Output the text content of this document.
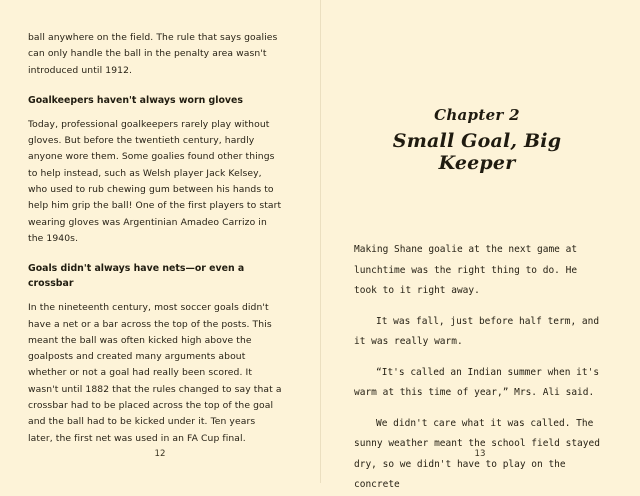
ball anywhere on the field. The rule that says goalies can only handle the ball in the penalty area wasn't introduced until 1912.

Goalkeepers haven't always worn gloves

Today, professional goalkeepers rarely play without gloves. But before the twentieth century, hardly anyone wore them. Some goalies found other things to help instead, such as Welsh player Jack Kelsey, who used to rub chewing gum between his hands to help him grip the ball! One of the first players to start wearing gloves was Argentinian Amadeo Carrizo in the 1940s.

Goals didn't always have nets—or even a crossbar

In the nineteenth century, most soccer goals didn't have a net or a bar across the top of the posts. This meant the ball was often kicked high above the goalposts and created many arguments about whether or not a goal had really been scored. It wasn't until 1882 that the rules changed to say that a crossbar had to be placed across the top of the goal and the ball had to be kicked under it. Ten years later, the first net was used in an FA Cup final.

12

Chapter 2

Small Goal, Big Keeper

Making Shane goalie at the next game at lunchtime was the right thing to do. He took to it right away.

It was fall, just before half term, and it was really warm.

“It's called an Indian summer when it's warm at this time of year,” Mrs. Ali said.

We didn't care what it was called. The sunny weather meant the school field stayed dry, so we didn't have to play on the concrete

13
